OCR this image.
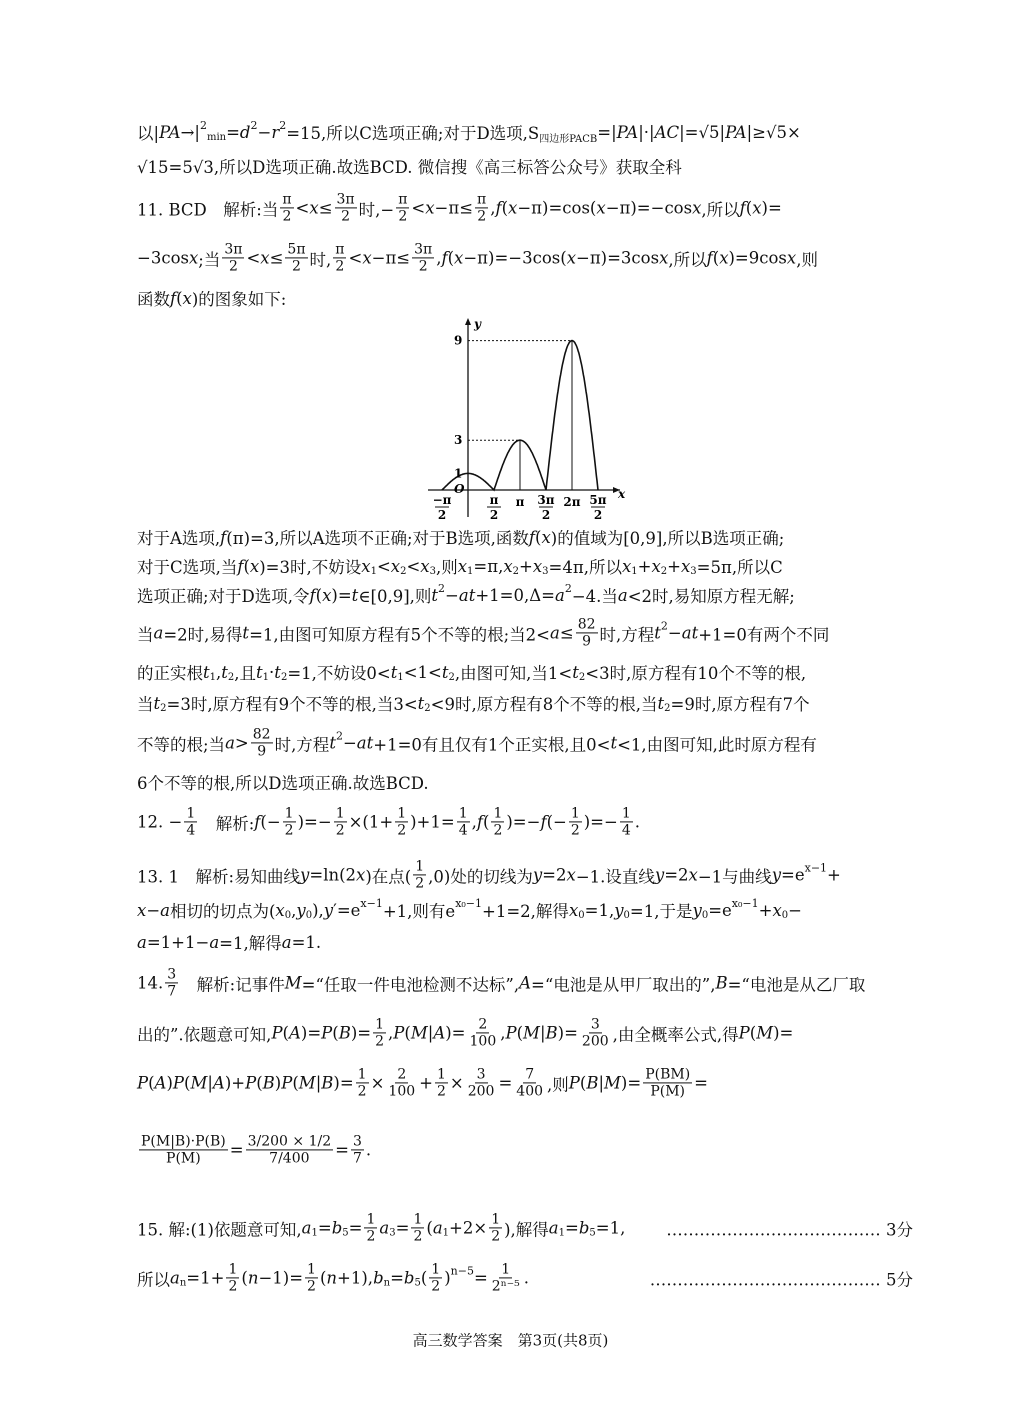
以| PA →| 2
min = d 2 − r 2 =15,所以C选项正确;对于D选项,S 四边形PACB =| PA |·| AC |=√5| PA |≥√5×
√15=5√3,所以D选项正确.故选BCD. 微信搜《高三标答公众号》获取全科
11. BCD　解析:当 $\frac{\pi}{2} < x \le \frac{3\pi}{2}$ 时,− $\frac{\pi}{2} < x -\pi\le \frac{\pi}{2}$ , f ( x −π)=cos( x −π)=−cos x ,所以 f ( x )=
−3cos x ;当 $\frac{3\pi}{2} < x \le \frac{5\pi}{2}$ 时, $\frac{\pi}{2} < x -\pi\le \frac{3\pi}{2}$ , f ( x −π)=−3cos( x −π)=3cos x ,所以 f ( x )=9cos x ,则
函数 f ( x )的图象如下:
对于A选项, f (π)=3,所以A选项不正确;对于B选项,函数 f ( x )的值域为[0,9],所以B选项正确;
对于C选项,当 f ( x )=3时,不妨设 x 1 < x 2 < x 3 ,则 x 1 =π, x 2 + x 3 =4π,所以 x 1 + x 2 + x 3 =5π,所以C
选项正确;对于D选项,令 f ( x )= t ∈[0,9],则 t 2 − at +1=0,Δ= a 2 −4.当 a <2时,易知原方程无解;
当 a =2时,易得 t =1,由图可知原方程有5个不等的根;当$2< a \le \frac{82}{9}$ 时,方程 t 2 − at +1=0有两个不同
的正实根 t 1 , t 2 ,且 t 1 · t 2 =1,不妨设0< t 1 <1< t 2 ,由图可知,当1< t 2 <3时,原方程有10个不等的根,
当 t 2 =3时,原方程有9个不等的根,当3< t 2 <9时,原方程有8个不等的根,当 t 2 =9时,原方程有7个
不等的根;当 $a > \frac{82}{9}$ 时,方程 t 2 − at +1=0有且仅有1个正实根,且0< t <1,由图可知,此时原方程有
6个不等的根,所以D选项正确.故选BCD.
12. − $\frac{1}{4}$ 　解析: f (− $\frac{1}{2}$ )=− $\frac{1}{2} \times(1+ \frac{1}{2} )+1= \frac{1}{4}$ , f ( $\frac{1}{2}$ )=− f (− $\frac{1}{2}$ )=− $\frac{1}{4}$ .
13. 1　解析:易知曲线 y =ln(2 x )在点( $\frac{1}{2} ,0$)处的切线为 y =2 x −1.设直线 y =2 x −1与曲线 y =e x−1 +
x − a 相切的切点为( x 0 , y 0 ), y ′=e x−1 +1,则有e x₀−1 +1=2,解得 x 0 =1, y 0 =1,于是 y 0 =e x₀−1 + x 0 −
a =1+1− a =1,解得 a =1.
14. $\frac{3}{7}$ 　解析:记事件 M =“任取一件电池检测不达标”, A =“电池是从甲厂取出的”, B =“电池是从乙厂取
出的”.依题意可知, P ( A )= P ( B )= $\frac{1}{2}$ , P ( M | A )= $\frac{2}{100}$ , P ( M | B )= $\frac{3}{200}$ ,由全概率公式,得 P ( M )=
P ( A ) P ( M | A )+ P ( B ) P ( M | B )= $\frac{1}{2} \times \frac{2}{100} + \frac{1}{2} \times \frac{3}{200} = \frac{7}{400}$ ,则 P ( B | M )= $\frac{P(BM)}{P(M)}$ =
$\frac{P(M|B)\cdot P(B)}{P(M)} = \frac{3/200 \times 1/2}{7/400} = \frac{3}{7}$ .
15. 解:(1)依题意可知, a 1 = b $5 = \frac{1}{2}$ a $3 = \frac{1}{2}$ ( a $1 +2\times \frac{1}{2}$ ),解得 a 1 = b 5 =1, ………………………………… 3分
所以 a $n =1+ \frac{1}{2}$ ( $n -1)= \frac{1}{2}$ ( n +1), b n = b 5 ( $\frac{1}{2}$ ) $n-5 = \frac{1}{\text{2ⁿ⁻⁵}}$ .	…………………………………… 5分
y
x
O
9
3
1
−π
2
π
2
π 3π
2
2π 5π
2
高三数学答案　第3页(共8页)
